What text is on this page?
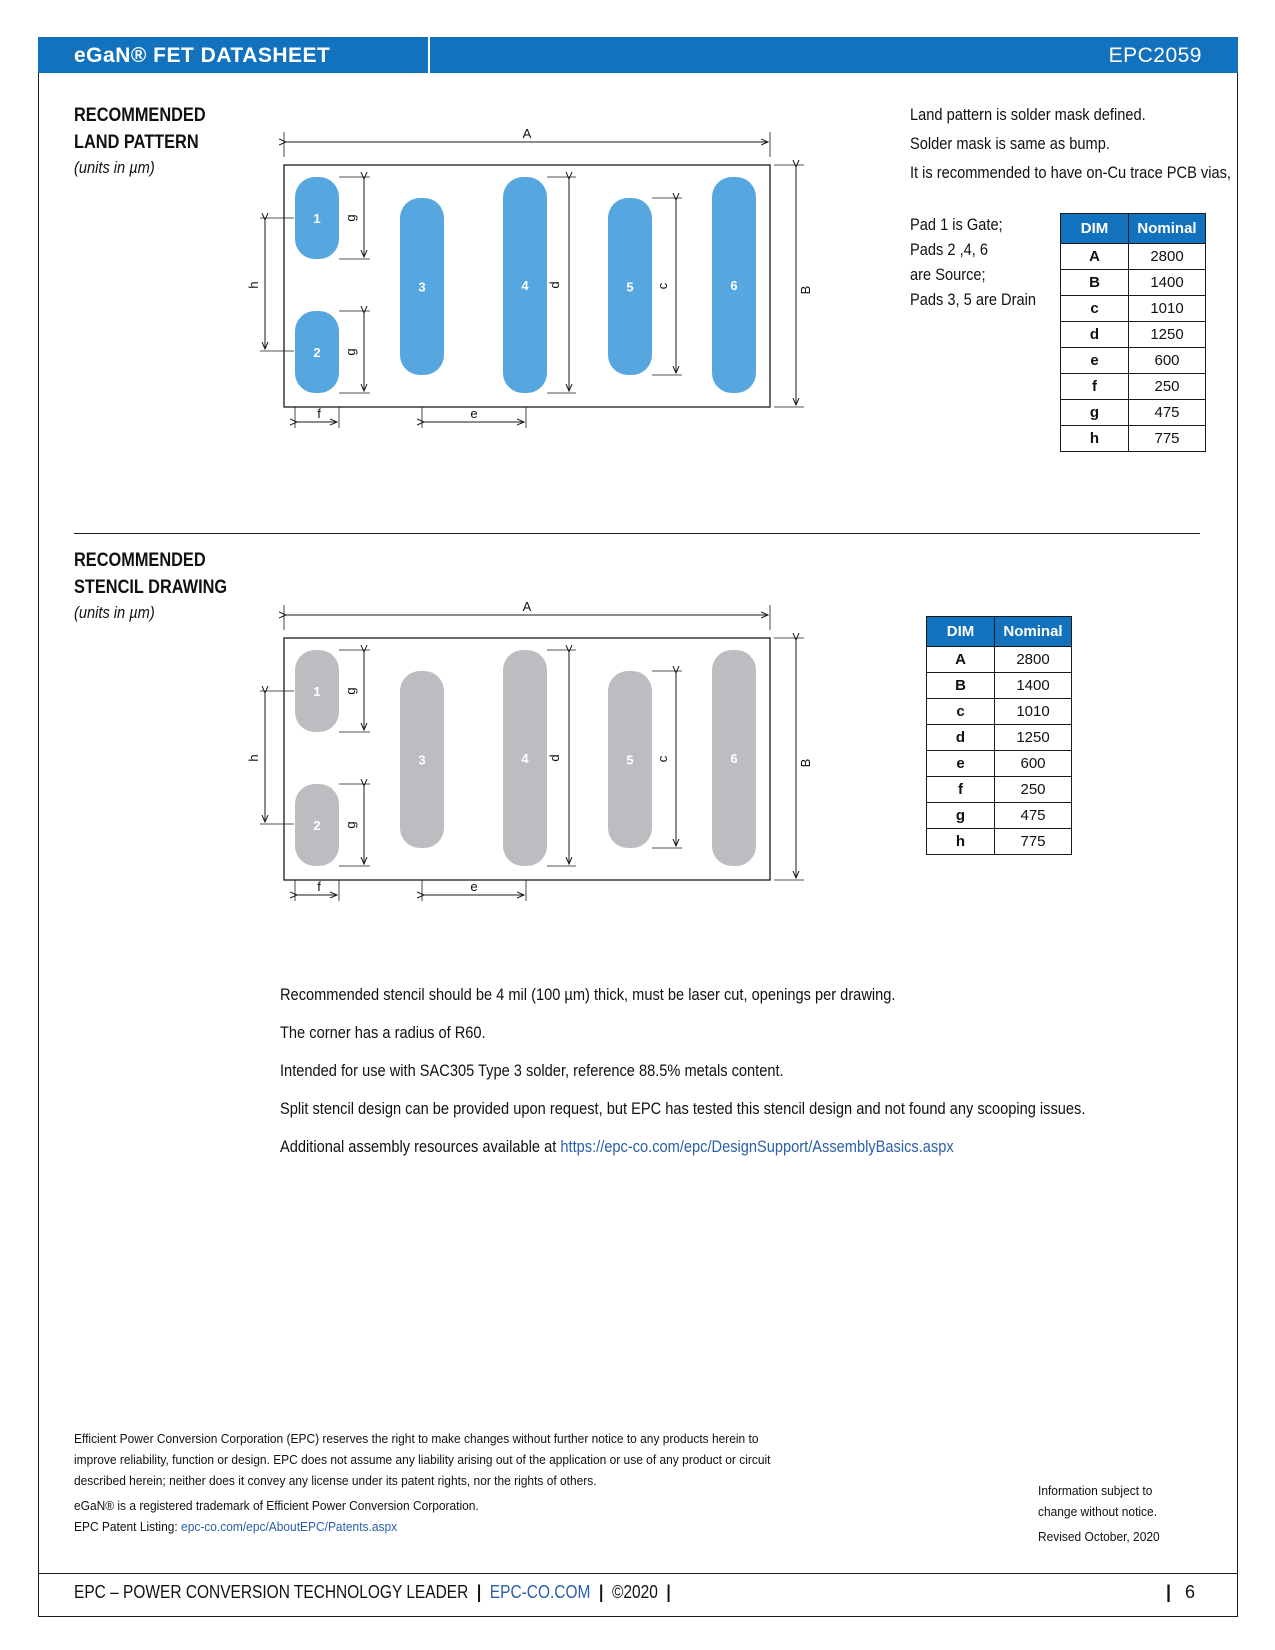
eGaN® FET DATASHEET	EPC2059
RECOMMENDED
LAND PATTERN
(units in µm)
1
2
3	4	5	6
A
B
h
g
g
d	c
f	e
Land pattern is solder mask defined.
Solder mask is same as bump.
It is recommended to have on-Cu trace PCB vias,
Pad 1 is Gate;
Pads 2 ,4, 6
are Source;
Pads 3, 5 are Drain
DIM	Nominal
A	2800
B	1400
c	1010
d	1250
e	600
f	250
g	475
h	775
RECOMMENDED
STENCIL DRAWING
(units in µm)
1
2
3	4	5	6
A
B
h
g
g
d	c
f	e
DIM	Nominal
A	2800
B	1400
c	1010
d	1250
e	600
f	250
g	475
h	775

Recommended stencil should be 4 mil (100 µm) thick, must be laser cut, openings per drawing.

The corner has a radius of R60.

Intended for use with SAC305 Type 3 solder, reference 88.5% metals content.

Split stencil design can be provided upon request, but EPC has tested this stencil design and not found any scooping issues.

Additional assembly resources available at https://epc-co.com/epc/DesignSupport/AssemblyBasics.aspx

Efficient Power Conversion Corporation (EPC) reserves the right to make changes without further notice to any products herein to
improve reliability, function or design. EPC does not assume any liability arising out of the application or use of any product or circuit
described herein; neither does it convey any license under its patent rights, nor the rights of others.
eGaN® is a registered trademark of Efficient Power Conversion Corporation.
EPC Patent Listing: epc-co.com/epc/AboutEPC/Patents.aspx
Information subject to
change without notice.
Revised October, 2020
EPC – POWER CONVERSION TECHNOLOGY LEADER | EPC-CO.COM | ©2020 |	| 6
